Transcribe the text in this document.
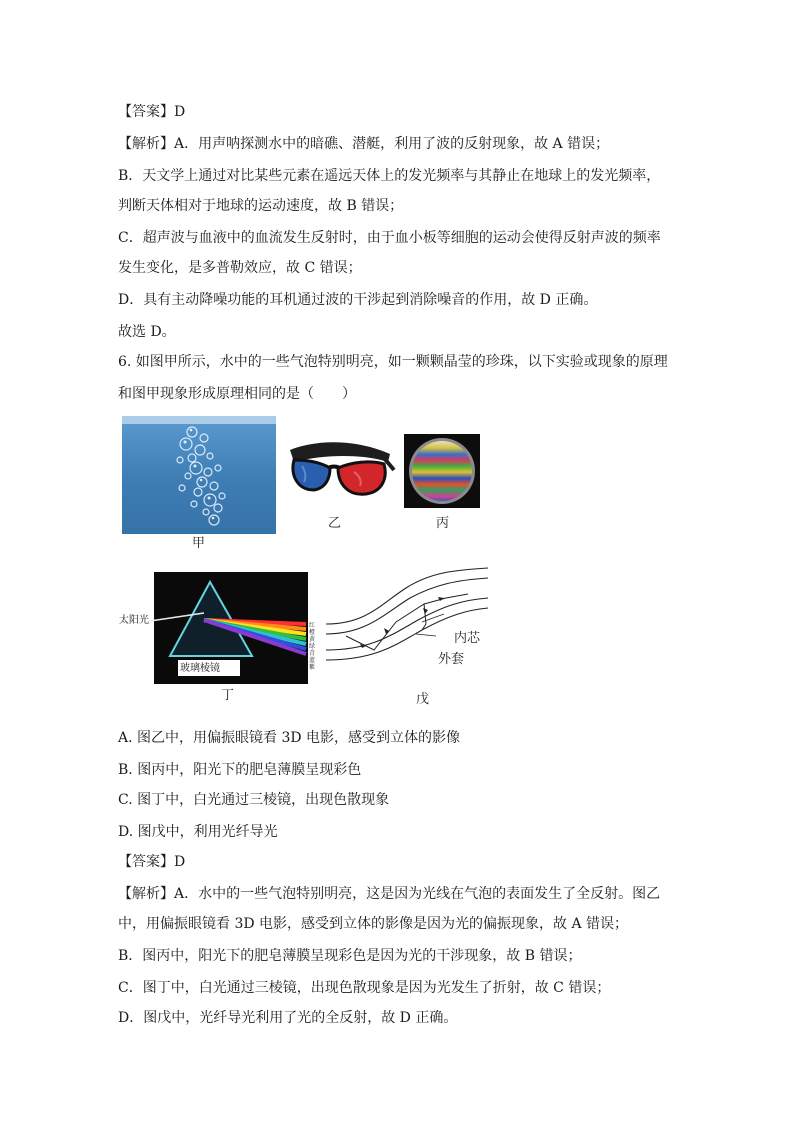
【答案】D
【解析】A．用声呐探测水中的暗礁、潜艇，利用了波的反射现象，故 A 错误；
B．天文学上通过对比某些元素在遥远天体上的发光频率与其静止在地球上的发光频率，
判断天体相对于地球的运动速度，故 B 错误；
C．超声波与血液中的血流发生反射时，由于血小板等细胞的运动会使得反射声波的频率
发生变化，是多普勒效应，故 C 错误；
D．具有主动降噪功能的耳机通过波的干涉起到消除噪音的作用，故 D 正确。
故选 D。
6. 如图甲所示，水中的一些气泡特别明亮，如一颗颗晶莹的珍珠，以下实验或现象的原理
和图甲现象形成原理相同的是（　　）
甲
乙	丙
太阳光
玻璃棱镜
红
橙
黄
绿
青
蓝
紫
丁
内芯
外套
戊
A. 图乙中，用偏振眼镜看 3D 电影，感受到立体的影像
B. 图丙中，阳光下的肥皂薄膜呈现彩色
C. 图丁中，白光通过三棱镜，出现色散现象
D. 图戊中，利用光纤导光
【答案】D
【解析】A．水中的一些气泡特别明亮，这是因为光线在气泡的表面发生了全反射。图乙
中，用偏振眼镜看 3D 电影，感受到立体的影像是因为光的偏振现象，故 A 错误；
B．图丙中，阳光下的肥皂薄膜呈现彩色是因为光的干涉现象，故 B 错误；
C．图丁中，白光通过三棱镜，出现色散现象是因为光发生了折射，故 C 错误；
D．图戊中，光纤导光利用了光的全反射，故 D 正确。
